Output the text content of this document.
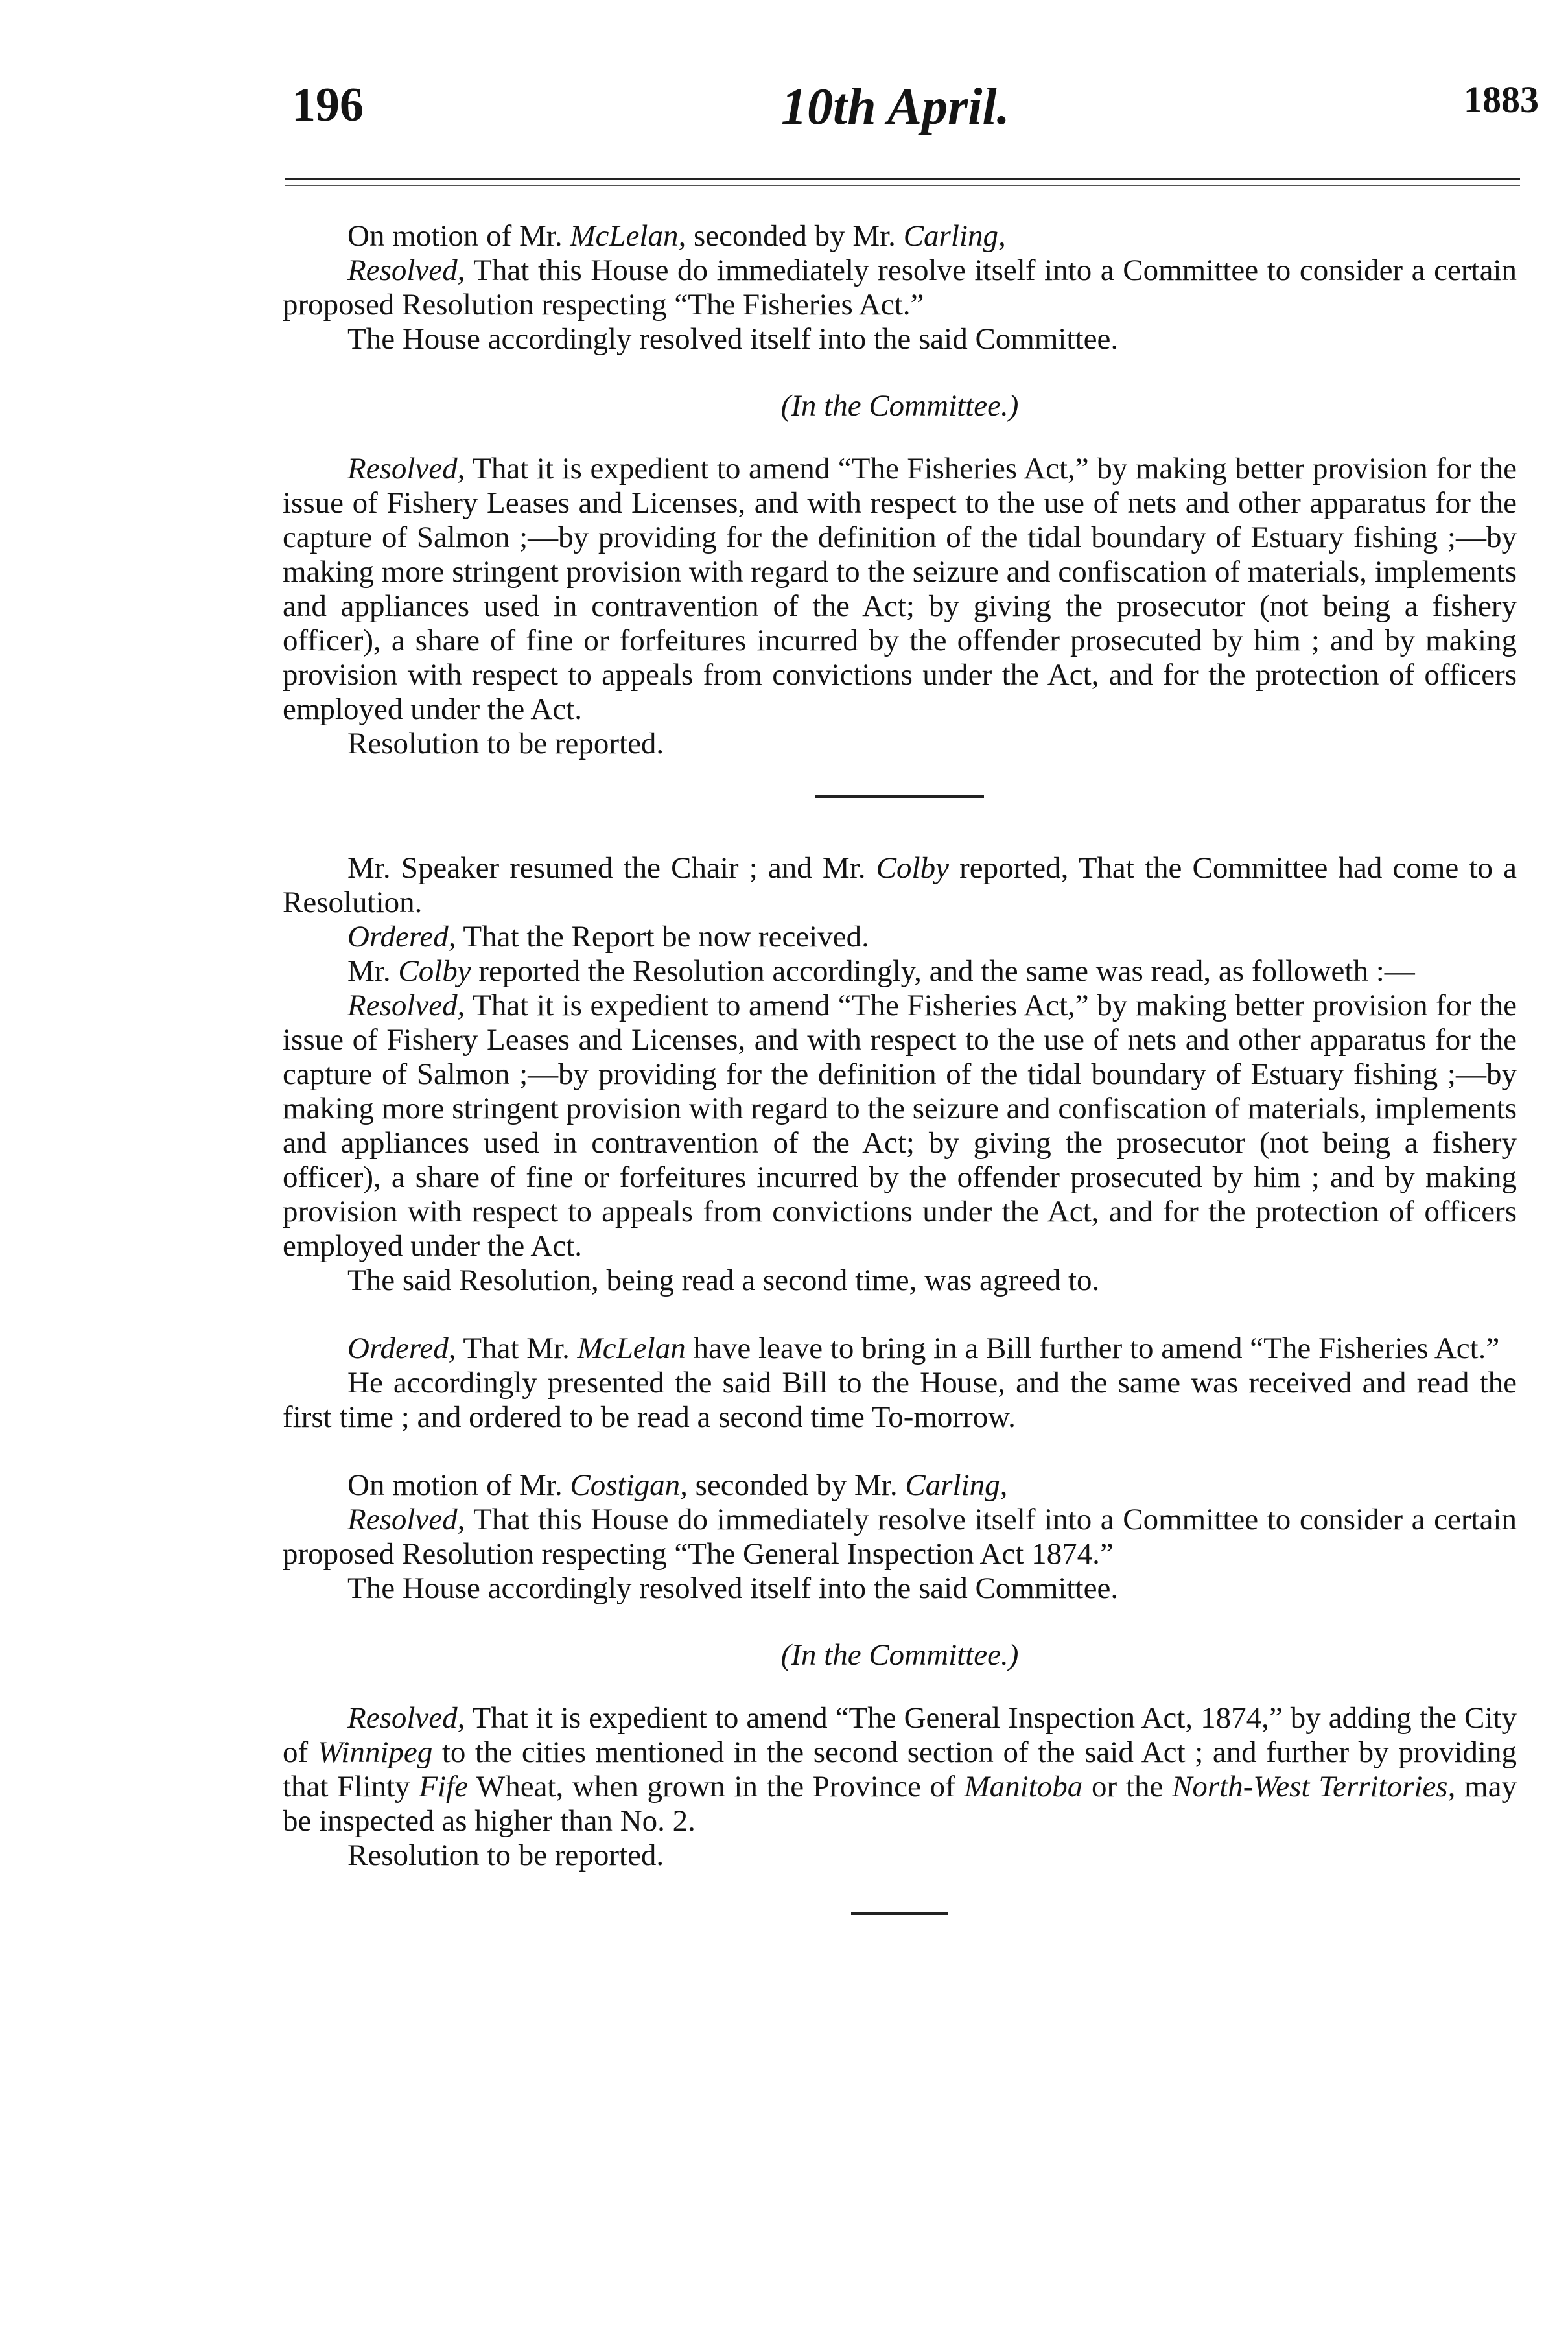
196	10th April.	1883

On motion of Mr. McLelan, seconded by Mr. Carling,

Resolved, That this House do immediately resolve itself into a Committee to consider a certain proposed Resolution respecting “The Fisheries Act.”

The House accordingly resolved itself into the said Committee.

(In the Committee.)

Resolved, That it is expedient to amend “The Fisheries Act,” by making better provision for the issue of Fishery Leases and Licenses, and with respect to the use of nets and other apparatus for the capture of Salmon ;—by providing for the definition of the tidal boundary of Estuary fishing ;—by making more stringent provision with regard to the seizure and confiscation of materials, implements and appliances used in contravention of the Act; by giving the prosecutor (not being a fishery officer), a share of fine or forfeitures incurred by the offender prosecuted by him ; and by making provision with respect to appeals from convictions under the Act, and for the protection of officers employed under the Act.

Resolution to be reported.

Mr. Speaker resumed the Chair ; and Mr. Colby reported, That the Committee had come to a Resolution.

Ordered, That the Report be now received.

Mr. Colby reported the Resolution accordingly, and the same was read, as followeth :—

Resolved, That it is expedient to amend “The Fisheries Act,” by making better provision for the issue of Fishery Leases and Licenses, and with respect to the use of nets and other apparatus for the capture of Salmon ;—by providing for the definition of the tidal boundary of Estuary fishing ;—by making more stringent provision with regard to the seizure and confiscation of materials, implements and appliances used in contravention of the Act; by giving the prosecutor (not being a fishery officer), a share of fine or forfeitures incurred by the offender prosecuted by him ; and by making provision with respect to appeals from convictions under the Act, and for the protection of officers employed under the Act.

The said Resolution, being read a second time, was agreed to.

Ordered, That Mr. McLelan have leave to bring in a Bill further to amend “The Fisheries Act.”

He accordingly presented the said Bill to the House, and the same was received and read the first time ; and ordered to be read a second time To-morrow.

On motion of Mr. Costigan, seconded by Mr. Carling,

Resolved, That this House do immediately resolve itself into a Committee to consider a certain proposed Resolution respecting “The General Inspection Act 1874.”

The House accordingly resolved itself into the said Committee.

(In the Committee.)

Resolved, That it is expedient to amend “The General Inspection Act, 1874,” by adding the City of Winnipeg to the cities mentioned in the second section of the said Act ; and further by providing that Flinty Fife Wheat, when grown in the Province of Manitoba or the North-West Territories, may be inspected as higher than No. 2.

Resolution to be reported.
